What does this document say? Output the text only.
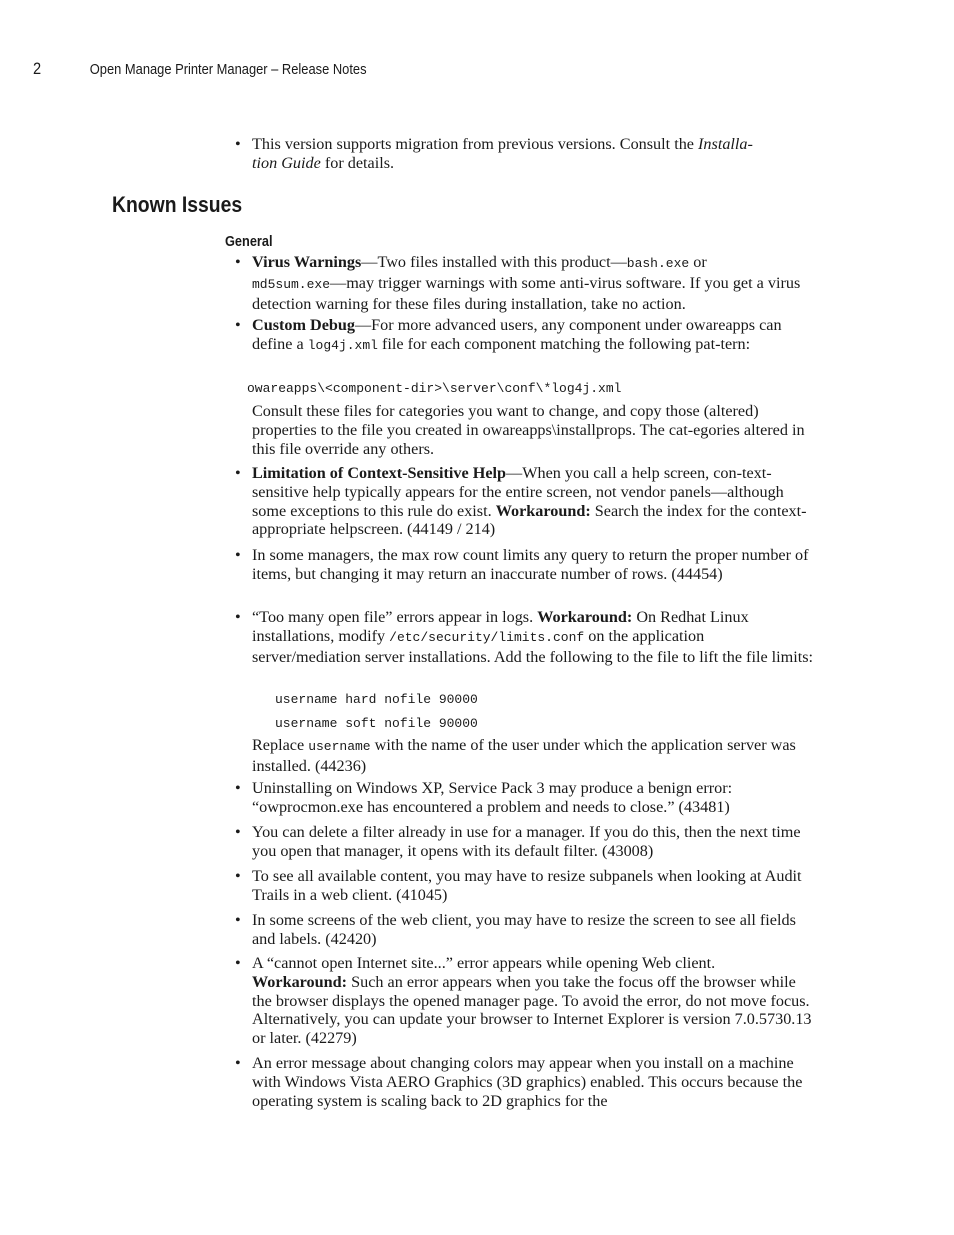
2	Open Manage Printer Manager – Release Notes
• This version supports migration from previous versions. Consult the Installa-
tion Guide for details.
Known Issues
General
• Virus Warnings—Two files installed with this product—bash.exe or
md5sum.exe—may trigger warnings with some anti-virus software. If you get a virus detection warning for these files during installation, take no action.
• Custom Debug—For more advanced users, any component under owareapps can define a log4j.xml file for each component matching the following pat-tern:
owareapps\<component-dir>\server\conf\*log4j.xml
Consult these files for categories you want to change, and copy those (altered) properties to the file you created in owareapps\installprops. The cat-egories altered in this file override any others.
• Limitation of Context-Sensitive Help—When you call a help screen, con-text-sensitive help typically appears for the entire screen, not vendor panels—although some exceptions to this rule do exist. Workaround: Search the index for the context-appropriate helpscreen. (44149 / 214)
• In some managers, the max row count limits any query to return the proper number of items, but changing it may return an inaccurate number of rows. (44454)
• “Too many open file” errors appear in logs. Workaround: On Redhat Linux installations, modify /etc/security/limits.conf on the application server/mediation server installations. Add the following to the file to lift the file limits:
username hard nofile 90000
username soft nofile 90000
Replace username with the name of the user under which the application server was installed. (44236)
• Uninstalling on Windows XP, Service Pack 3 may produce a benign error: “owprocmon.exe has encountered a problem and needs to close.” (43481)
• You can delete a filter already in use for a manager. If you do this, then the next time you open that manager, it opens with its default filter. (43008)
• To see all available content, you may have to resize subpanels when looking at Audit Trails in a web client. (41045)
• In some screens of the web client, you may have to resize the screen to see all fields and labels. (42420)
• A “cannot open Internet site...” error appears while opening Web client.
Workaround: Such an error appears when you take the focus off the browser while the browser displays the opened manager page. To avoid the error, do not move focus. Alternatively, you can update your browser to Internet Explorer is version 7.0.5730.13 or later. (42279)
• An error message about changing colors may appear when you install on a machine with Windows Vista AERO Graphics (3D graphics) enabled. This occurs because the operating system is scaling back to 2D graphics for the
